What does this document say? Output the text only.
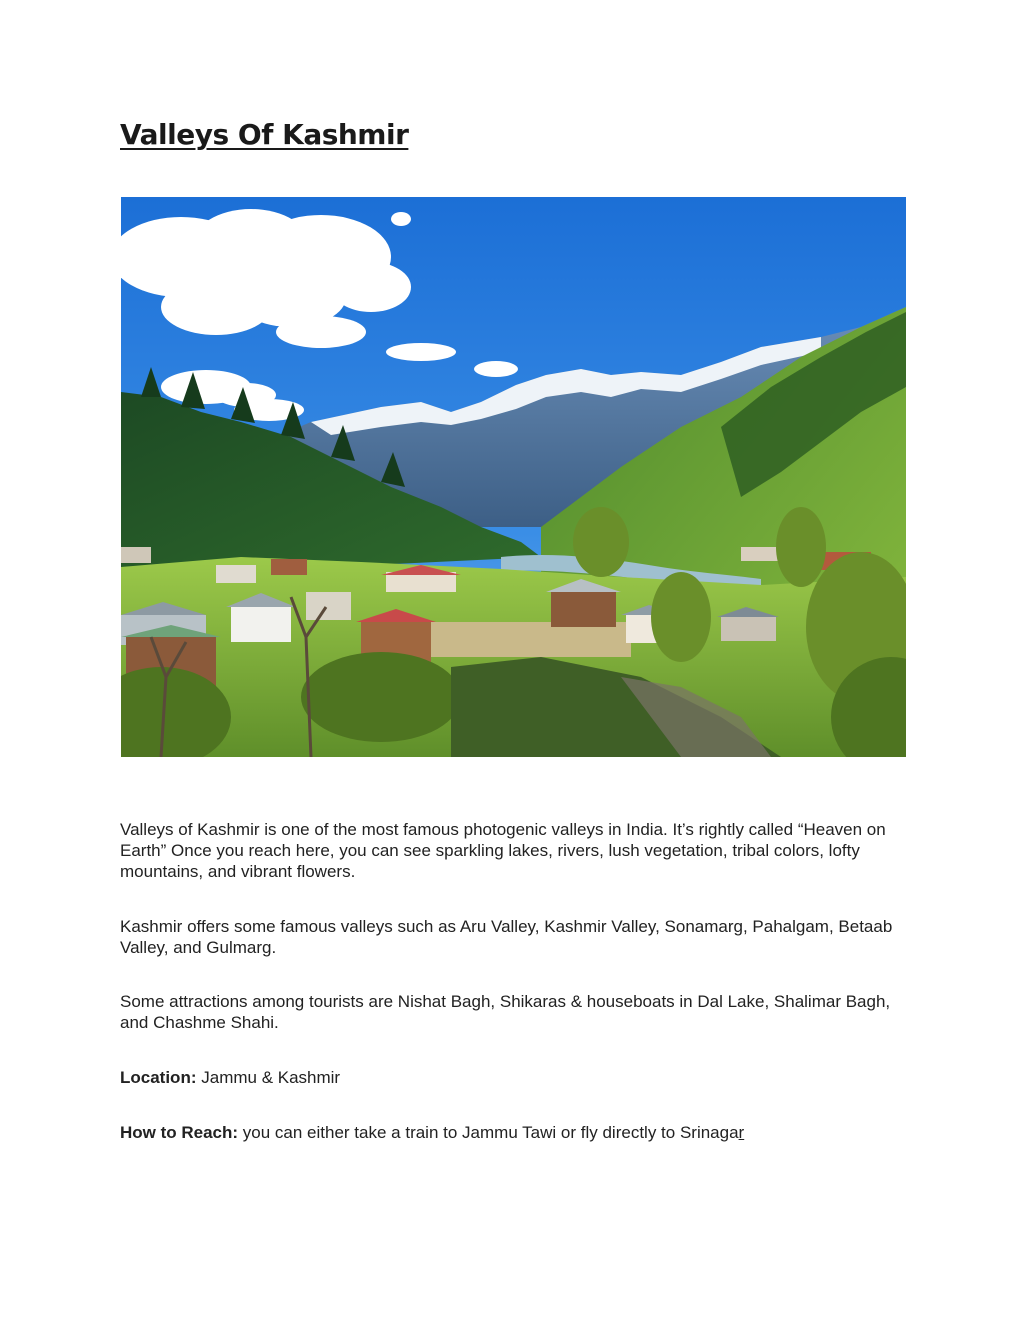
Valleys Of Kashmir

Valleys of Kashmir is one of the most famous photogenic valleys in India. It’s rightly called “Heaven on Earth” Once you reach here, you can see sparkling lakes, rivers, lush vegetation, tribal colors, lofty mountains, and vibrant flowers.

Kashmir offers some famous valleys such as Aru Valley, Kashmir Valley, Sonamarg, Pahalgam, Betaab Valley, and Gulmarg.

Some attractions among tourists are Nishat Bagh, Shikaras & houseboats in Dal Lake, Shalimar Bagh, and Chashme Shahi.

Location: Jammu & Kashmir

How to Reach: you can either take a train to Jammu Tawi or fly directly to Srinagar
